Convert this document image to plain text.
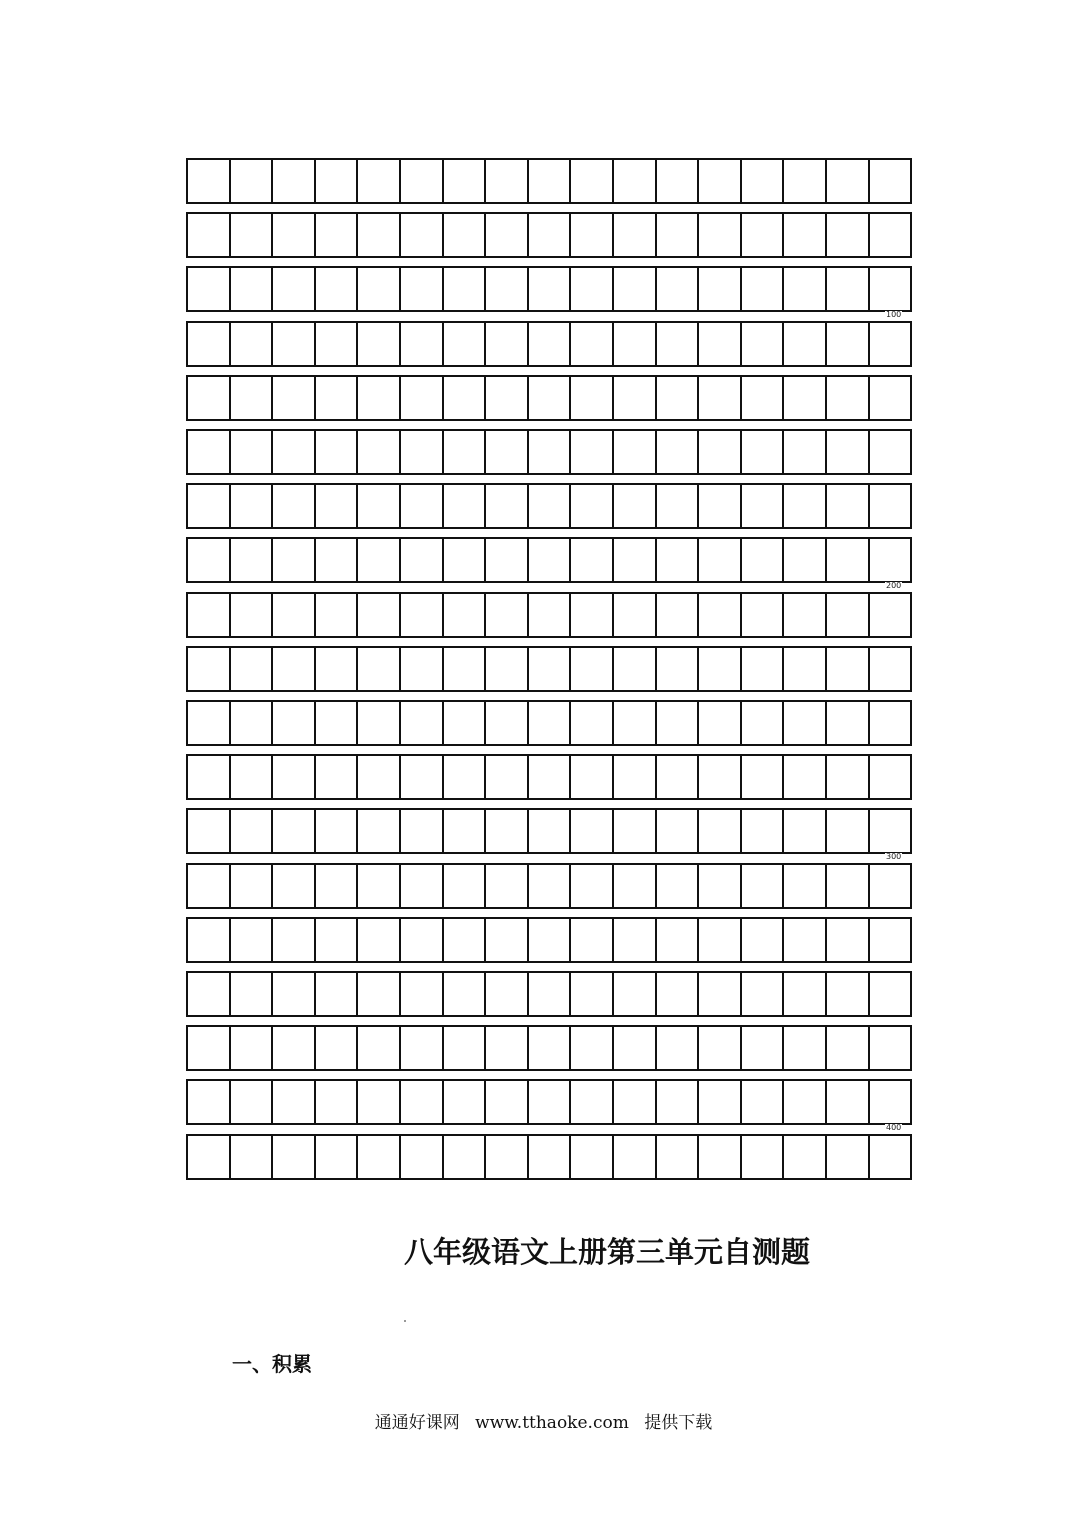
100
200
300
400
八年级语文上册第三单元自测题
一、积累
通通好课网 www.tthaoke.com 提供下载
